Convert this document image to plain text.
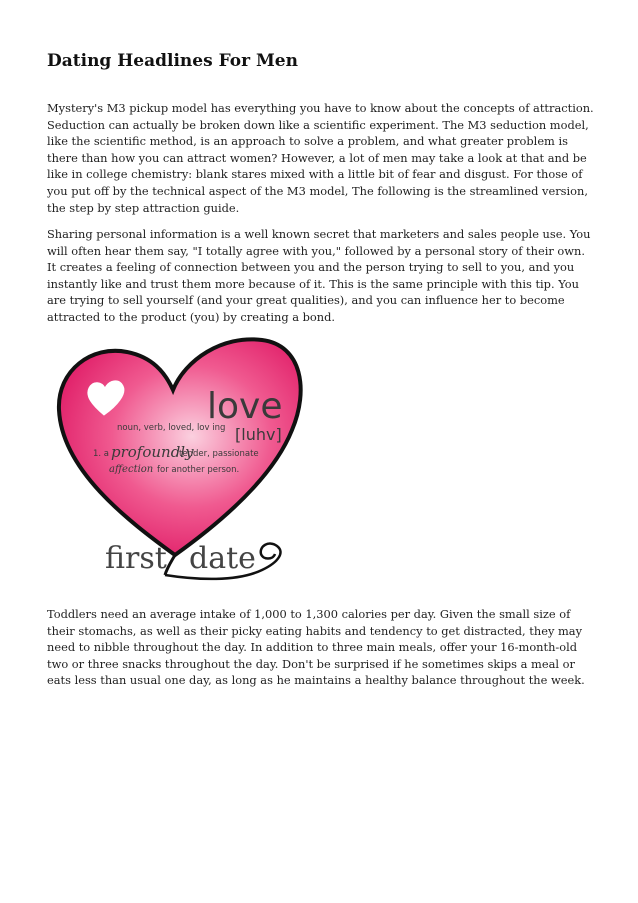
Dating Headlines For Men

Mystery's M3 pickup model has everything you have to know about the concepts of attraction. Seduction can actually be broken down like a scientific experiment. The M3 seduction model, like the scientific method, is an approach to solve a problem, and what greater problem is there than how you can attract women? However, a lot of men may take a look at that and be like in college chemistry: blank stares mixed with a little bit of fear and disgust. For those of you put off by the technical aspect of the M3 model, The following is the streamlined version, the step by step attraction guide.

Sharing personal information is a well known secret that marketers and sales people use. You will often hear them say, "I totally agree with you," followed by a personal story of their own. It creates a feeling of connection between you and the person trying to sell to you, and you instantly like and trust them more because of it. This is the same principle with this tip. You are trying to sell yourself (and your great qualities), and you can influence her to become attracted to the product (you) by creating a bond.

love
noun, verb, loved, lov ing [luhv]
1. a profoundly
tender, passionate
affection for another person.
first date

Toddlers need an average intake of 1,000 to 1,300 calories per day. Given the small size of their stomachs, as well as their picky eating habits and tendency to get distracted, they may need to nibble throughout the day. In addition to three main meals, offer your 16-month-old two or three snacks throughout the day. Don't be surprised if he sometimes skips a meal or eats less than usual one day, as long as he maintains a healthy balance throughout the week.
